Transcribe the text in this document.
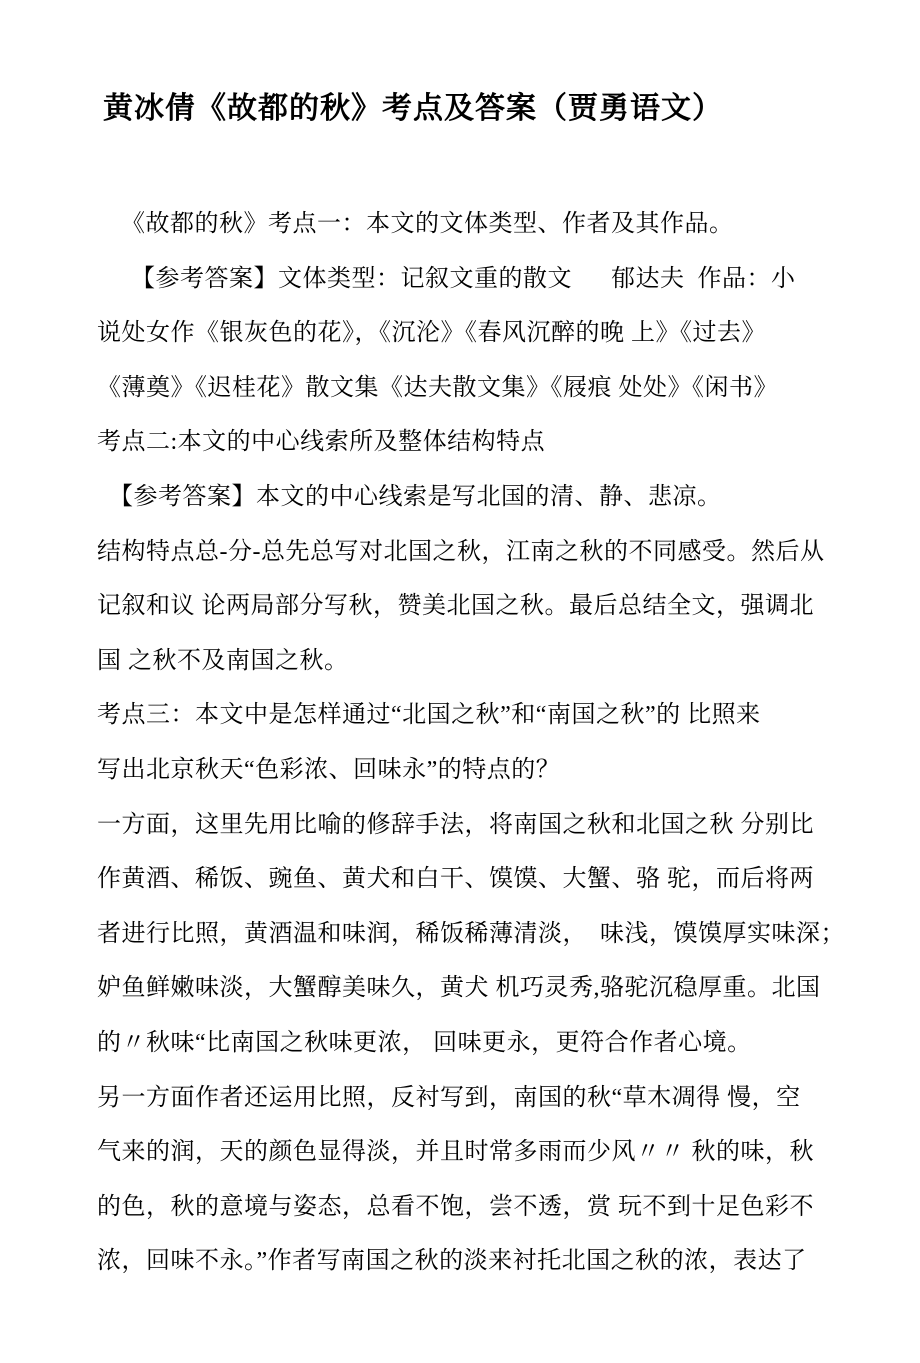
黄冰倩《故都的秋》考点及答案（贾勇语文）
《故都的秋》考点一：本文的文体类型、作者及其作品。
【参考答案】文体类型：记叙文重的散文      郁达夫  作品：小
说处女作《银灰色的花》，《沉沦》《春风沉醉的晚 上》《过去》
《薄奠》《迟桂花》散文集《达夫散文集》《屐痕 处处》《闲书》
考点二:本文的中心线索所及整体结构特点
【参考答案】本文的中心线索是写北国的清、静、悲凉。
结构特点总-分-总先总写对北国之秋，江南之秋的不同感受。然后从
记叙和议 论两局部分写秋，赞美北国之秋。最后总结全文，强调北
国 之秋不及南国之秋。
考点三：本文中是怎样通过“北国之秋”和“南国之秋”的 比照来
写出北京秋天“色彩浓、回味永”的特点的？
一方面，这里先用比喻的修辞手法，将南国之秋和北国之秋 分别比
作黄酒、稀饭、豌鱼、黄犬和白干、馍馍、大蟹、骆 驼，而后将两
者进行比照，黄酒温和味润，稀饭稀薄清淡，  味浅，馍馍厚实味深；
妒鱼鲜嫩味淡，大蟹醇美味久，黄犬 机巧灵秀,骆驼沉稳厚重。北国
的〃秋味“比南国之秋味更浓， 回味更永，更符合作者心境。
另一方面作者还运用比照，反衬写到，南国的秋“草木凋得 慢，空
气来的润，天的颜色显得淡，并且时常多雨而少风〃〃 秋的味，秋
的色，秋的意境与姿态，总看不饱，尝不透，赏 玩不到十足色彩不
浓，回味不永。”作者写南国之秋的淡来衬托北国之秋的浓，表达了
